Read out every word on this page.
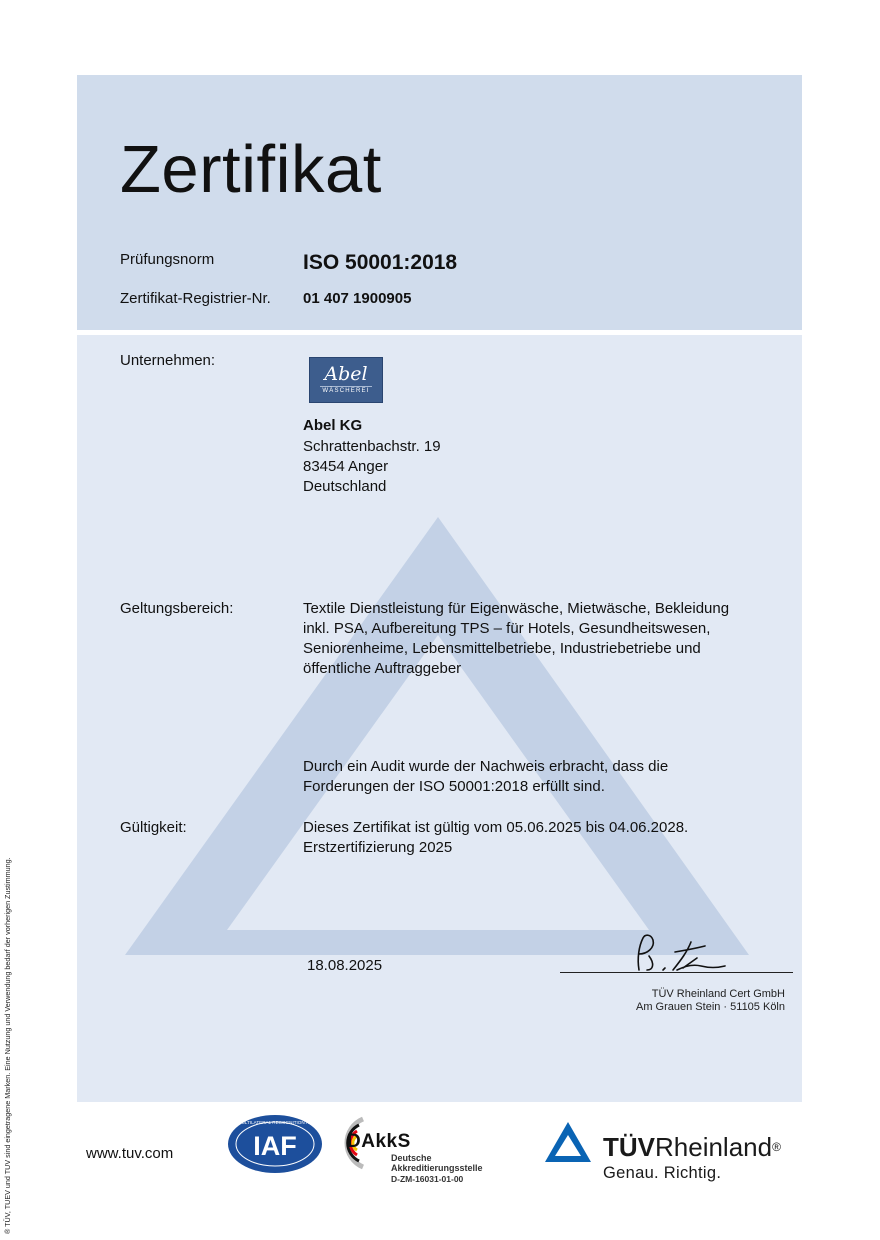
Zertifikat
Prüfungsnorm	ISO 50001:2018
Zertifikat-Registrier-Nr. 01 407 1900905
Unternehmen:
Abel
WÄSCHEREI
Abel KG
Schrattenbachstr. 19
83454 Anger
Deutschland
Geltungsbereich:	Textile Dienstleistung für Eigenwäsche, Mietwäsche, Bekleidung
inkl. PSA, Aufbereitung TPS – für Hotels, Gesundheitswesen,
Seniorenheime, Lebensmittelbetriebe, Industriebetriebe und
öffentliche Auftraggeber
Durch ein Audit wurde der Nachweis erbracht, dass die
Forderungen der ISO 50001:2018 erfüllt sind.
Gültigkeit:	Dieses Zertifikat ist gültig vom 05.06.2025 bis 04.06.2028.
Erstzertifizierung 2025
18.08.2025
TÜV Rheinland Cert GmbH
Am Grauen Stein · 51105 Köln
® TÜV, TUEV und TUV sind eingetragene Marken. Eine Nutzung und Verwendung bedarf der vorherigen Zustimmung.	www.tuv.com
MEMBER OF MULTILATERAL RECOGNITION ARRANGEMENT
IAF	DAkkS
Deutsche
Akkreditierungsstelle
D-ZM-16031-01-00
TÜVRheinland®
Genau. Richtig.
